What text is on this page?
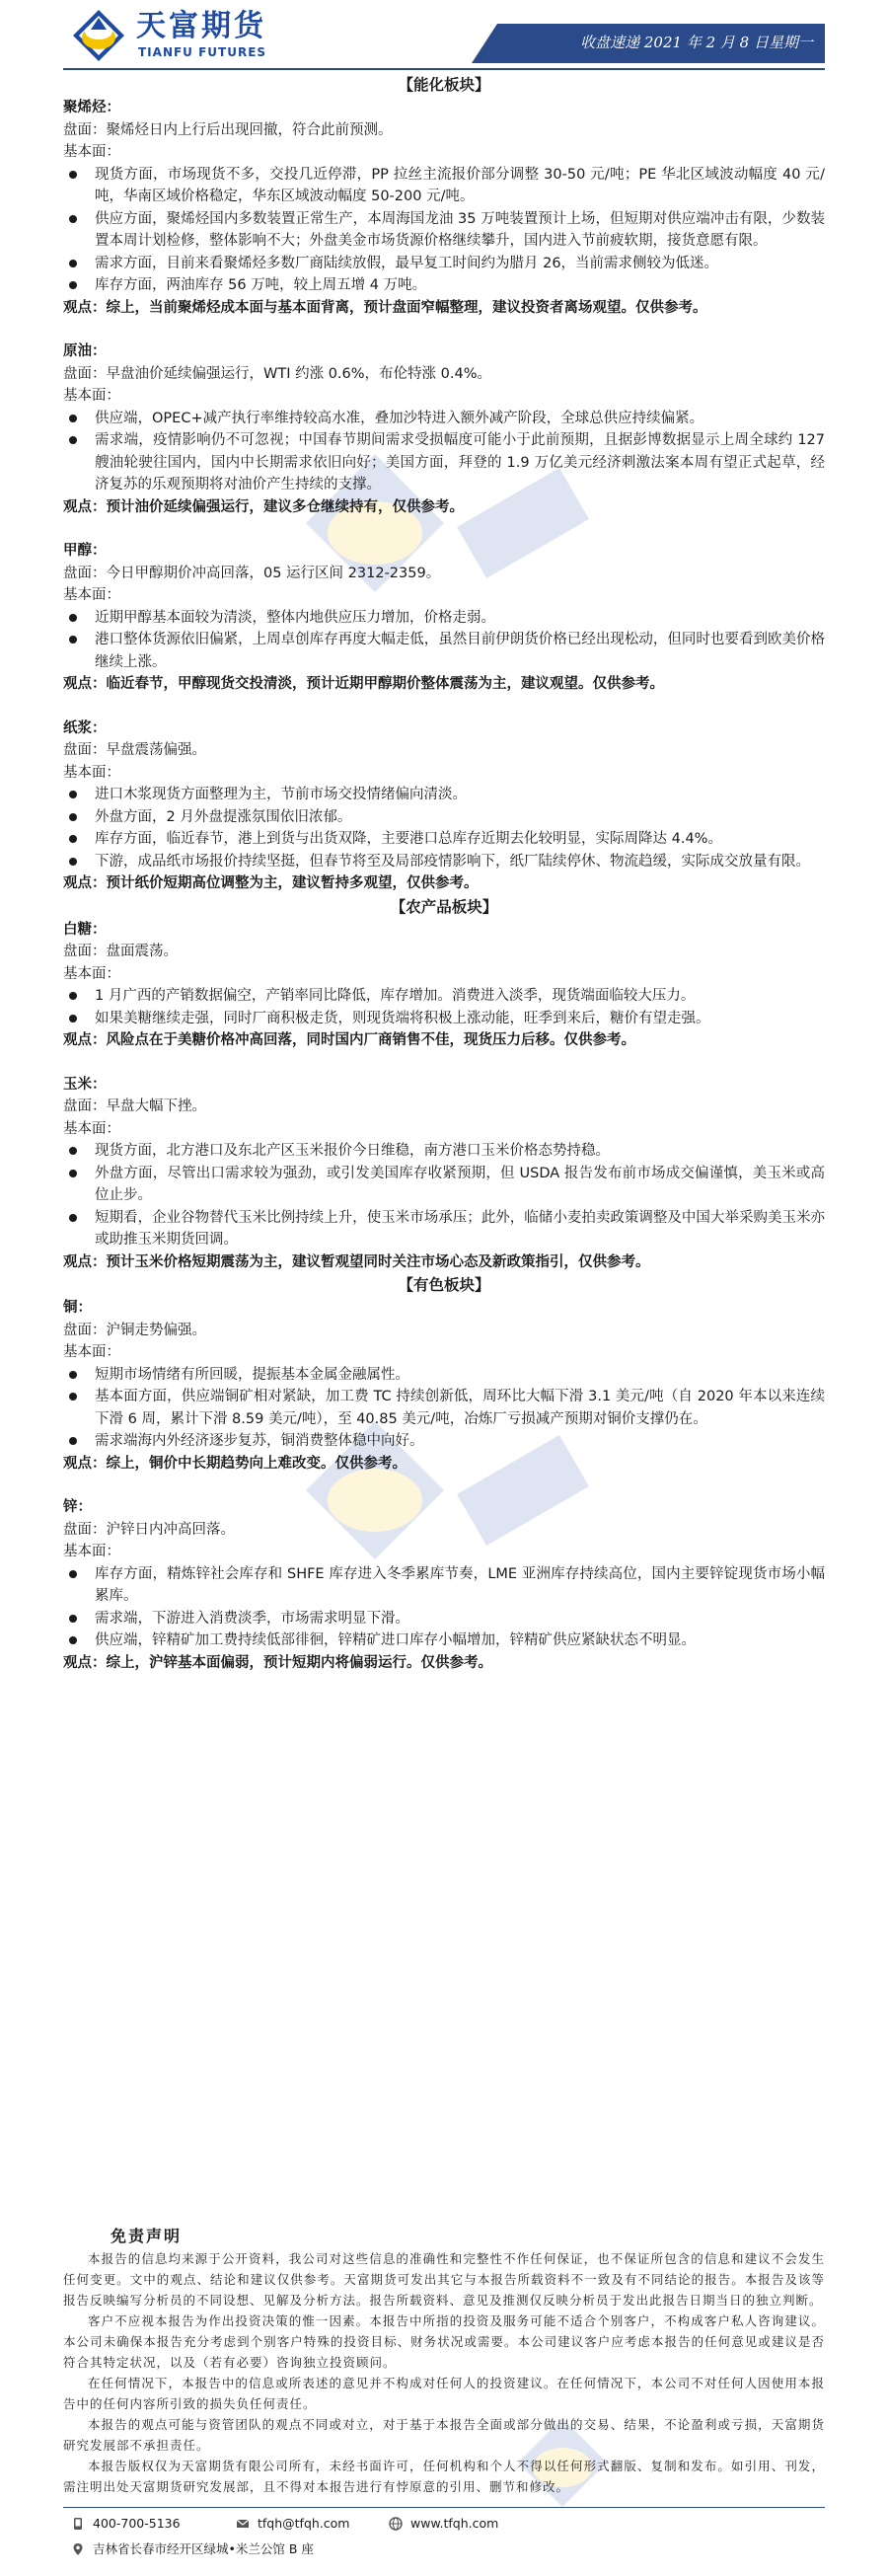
天富期货
TIANFU FUTURES
收盘速递 2021 年 2 月 8 日星期一
【能化板块】
聚烯烃：
盘面：聚烯烃日内上行后出现回撤，符合此前预测。
基本面：
现货方面，市场现货不多，交投几近停滞，PP 拉丝主流报价部分调整 30-50 元/吨；PE 华北区域波动幅度 40 元/吨，华南区域价格稳定，华东区域波动幅度 50-200 元/吨。
供应方面，聚烯烃国内多数装置正常生产，本周海国龙油 35 万吨装置预计上场，但短期对供应端冲击有限，少数装置本周计划检修，整体影响不大；外盘美金市场货源价格继续攀升，国内进入节前疲软期，接货意愿有限。
需求方面，目前来看聚烯烃多数厂商陆续放假，最早复工时间约为腊月 26，当前需求侧较为低迷。
库存方面，两油库存 56 万吨，较上周五增 4 万吨。
观点：综上，当前聚烯烃成本面与基本面背离，预计盘面窄幅整理，建议投资者离场观望。仅供参考。
原油：
盘面：早盘油价延续偏强运行，WTI 约涨 0.6%，布伦特涨 0.4%。
基本面：
供应端，OPEC+减产执行率维持较高水准，叠加沙特进入额外减产阶段，全球总供应持续偏紧。
需求端，疫情影响仍不可忽视；中国春节期间需求受损幅度可能小于此前预期，且据彭博数据显示上周全球约 127 艘油轮驶往国内，国内中长期需求依旧向好；美国方面，拜登的 1.9 万亿美元经济刺激法案本周有望正式起草，经济复苏的乐观预期将对油价产生持续的支撑。
观点：预计油价延续偏强运行，建议多仓继续持有，仅供参考。
甲醇：
盘面：今日甲醇期价冲高回落，05 运行区间 2312-2359。
基本面：
近期甲醇基本面较为清淡，整体内地供应压力增加，价格走弱。
港口整体货源依旧偏紧，上周卓创库存再度大幅走低，虽然目前伊朗货价格已经出现松动，但同时也要看到欧美价格继续上涨。
观点：临近春节，甲醇现货交投清淡，预计近期甲醇期价整体震荡为主，建议观望。仅供参考。
纸浆：
盘面：早盘震荡偏强。
基本面：
进口木浆现货方面整理为主，节前市场交投情绪偏向清淡。
外盘方面，2 月外盘提涨氛围依旧浓郁。
库存方面，临近春节，港上到货与出货双降，主要港口总库存近期去化较明显，实际周降达 4.4%。
下游，成品纸市场报价持续坚挺，但春节将至及局部疫情影响下，纸厂陆续停休、物流趋缓，实际成交放量有限。
观点：预计纸价短期高位调整为主，建议暂持多观望，仅供参考。
【农产品板块】
白糖：
盘面：盘面震荡。
基本面：
1 月广西的产销数据偏空，产销率同比降低，库存增加。消费进入淡季，现货端面临较大压力。
如果美糖继续走强，同时厂商积极走货，则现货端将积极上涨动能，旺季到来后，糖价有望走强。
观点：风险点在于美糖价格冲高回落，同时国内厂商销售不佳，现货压力后移。仅供参考。
玉米：
盘面：早盘大幅下挫。
基本面：
现货方面，北方港口及东北产区玉米报价今日维稳，南方港口玉米价格态势持稳。
外盘方面，尽管出口需求较为强劲，或引发美国库存收紧预期，但 USDA 报告发布前市场成交偏谨慎，美玉米或高位止步。
短期看，企业谷物替代玉米比例持续上升，使玉米市场承压；此外，临储小麦拍卖政策调整及中国大举采购美玉米亦或助推玉米期货回调。
观点：预计玉米价格短期震荡为主，建议暂观望同时关注市场心态及新政策指引，仅供参考。
【有色板块】
铜：
盘面：沪铜走势偏强。
基本面：
短期市场情绪有所回暖，提振基本金属金融属性。
基本面方面，供应端铜矿相对紧缺，加工费 TC 持续创新低，周环比大幅下滑 3.1 美元/吨（自 2020 年本以来连续下滑 6 周，累计下滑 8.59 美元/吨），至 40.85 美元/吨，冶炼厂亏损减产预期对铜价支撑仍在。
需求端海内外经济逐步复苏，铜消费整体稳中向好。
观点：综上，铜价中长期趋势向上难改变。仅供参考。
锌：
盘面：沪锌日内冲高回落。
基本面：
库存方面，精炼锌社会库存和 SHFE 库存进入冬季累库节奏，LME 亚洲库存持续高位，国内主要锌锭现货市场小幅累库。
需求端，下游进入消费淡季，市场需求明显下滑。
供应端，锌精矿加工费持续低部徘徊，锌精矿进口库存小幅增加，锌精矿供应紧缺状态不明显。
观点：综上，沪锌基本面偏弱，预计短期内将偏弱运行。仅供参考。
免责声明

本报告的信息均来源于公开资料，我公司对这些信息的准确性和完整性不作任何保证，也不保证所包含的信息和建议不会发生任何变更。文中的观点、结论和建议仅供参考。天富期货可发出其它与本报告所载资料不一致及有不同结论的报告。本报告及该等报告反映编写分析员的不同设想、见解及分析方法。报告所载资料、意见及推测仅反映分析员于发出此报告日期当日的独立判断。

客户不应视本报告为作出投资决策的惟一因素。本报告中所指的投资及服务可能不适合个别客户，不构成客户私人咨询建议。本公司未确保本报告充分考虑到个别客户特殊的投资目标、财务状况或需要。本公司建议客户应考虑本报告的任何意见或建议是否符合其特定状况，以及（若有必要）咨询独立投资顾问。

在任何情况下，本报告中的信息或所表述的意见并不构成对任何人的投资建议。在任何情况下，本公司不对任何人因使用本报告中的任何内容所引致的损失负任何责任。

本报告的观点可能与资管团队的观点不同或对立，对于基于本报告全面或部分做出的交易、结果，不论盈利或亏损，天富期货研究发展部不承担责任。

本报告版权仅为天富期货有限公司所有，未经书面许可，任何机构和个人不得以任何形式翻版、复制和发布。如引用、刊发，需注明出处天富期货研究发展部，且不得对本报告进行有悖原意的引用、删节和修改。

400-700-5136	tfqh@tfqh.com	www.tfqh.com
吉林省长春市经开区绿城•米兰公馆 B 座
